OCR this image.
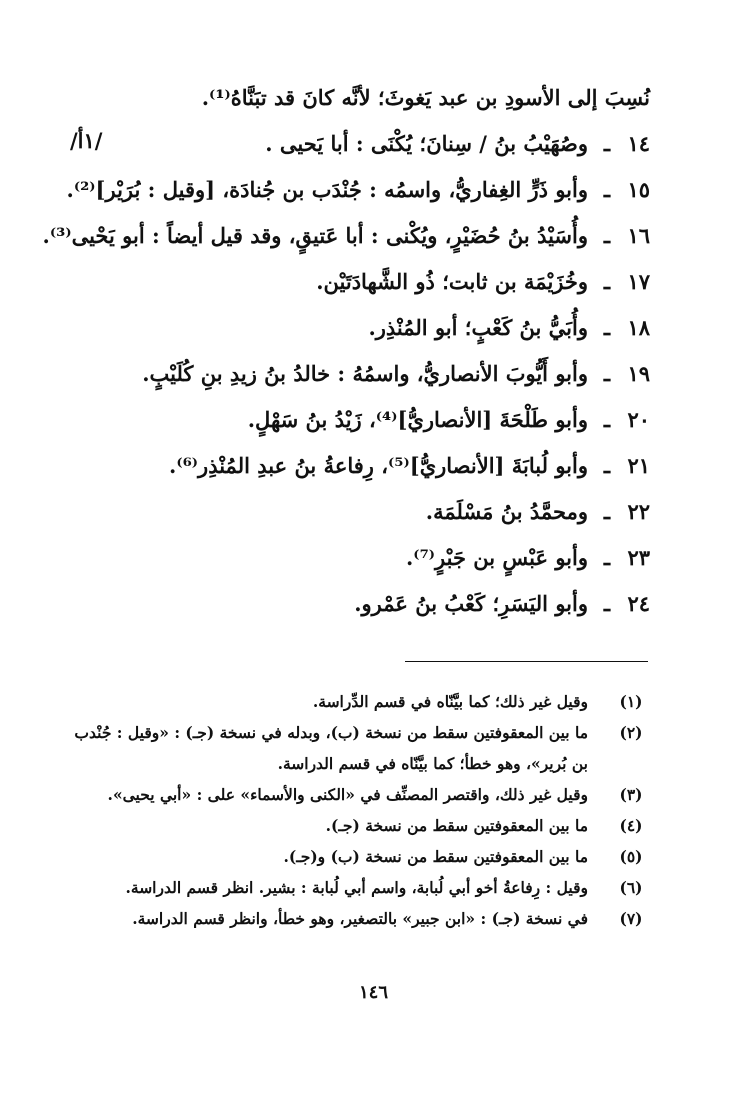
/١أ/
نُسِبَ إلى الأسودِ بن عبد يَغوثَ؛ لأنَّه كانَ قد تبَنَّاهُ⁽¹⁾.
١٤
ـ
وصُهَيْبُ بنُ / سِنانَ؛ يُكْنَى : أبا يَحيى .
١٥
ـ
وأبو ذَرٍّ الغِفاريُّ، واسمُه : جُنْدَب بن جُنادَة، [وقيل : بُرَيْر]⁽²⁾.
١٦
ـ
وأُسَيْدُ بنُ حُضَيْرٍ، ويُكْنى : أبا عَتيقٍ، وقد قيل أيضاً : أبو يَحْيى⁽³⁾.
١٧
ـ
وخُزَيْمَة بن ثابت؛ ذُو الشَّهادَتَيْن.
١٨
ـ
وأُبَيُّ بنُ كَعْبٍ؛ أبو المُنْذِر.
١٩
ـ
وأبو أَيُّوبَ الأنصاريُّ، واسمُهُ : خالدُ بنُ زيدِ بنِ كُلَيْبٍ.
٢٠
ـ
وأبو طَلْحَةَ [الأنصاريُّ]⁽⁴⁾، زَيْدُ بنُ سَهْلٍ.
٢١
ـ
وأبو لُبابَةَ [الأنصاريُّ]⁽⁵⁾، رِفاعةُ بنُ عبدِ المُنْذِر⁽⁶⁾.
٢٢
ـ
ومحمَّدُ بنُ مَسْلَمَة.
٢٣
ـ
وأبو عَبْسٍ بن جَبْرٍ⁽⁷⁾.
٢٤
ـ
وأبو اليَسَرِ؛ كَعْبُ بنُ عَمْرو.
(١)
وقيل غير ذلك؛ كما بيَّنّاه في قسم الدِّراسة.
(٢)
ما بين المعقوفتين سقط من نسخة (ب)، وبدله في نسخة (جـ) : «وقيل : جُنْدب
بن بُرير»، وهو خطأ؛ كما بيَّنّاه في قسم الدراسة.
(٣)
وقيل غير ذلك، واقتصر المصنِّف في «الكنى والأسماء» على : «أبي يحيى».
(٤)
ما بين المعقوفتين سقط من نسخة (جـ).
(٥)
ما بين المعقوفتين سقط من نسخة (ب) و(جـ).
(٦)
وقيل : رِفاعةُ أخو أبي لُبابة، واسم أبي لُبابة : بشير. انظر قسم الدراسة.
(٧)
في نسخة (جـ) : «ابن جبير» بالتصغير، وهو خطأ، وانظر قسم الدراسة.
١٤٦
